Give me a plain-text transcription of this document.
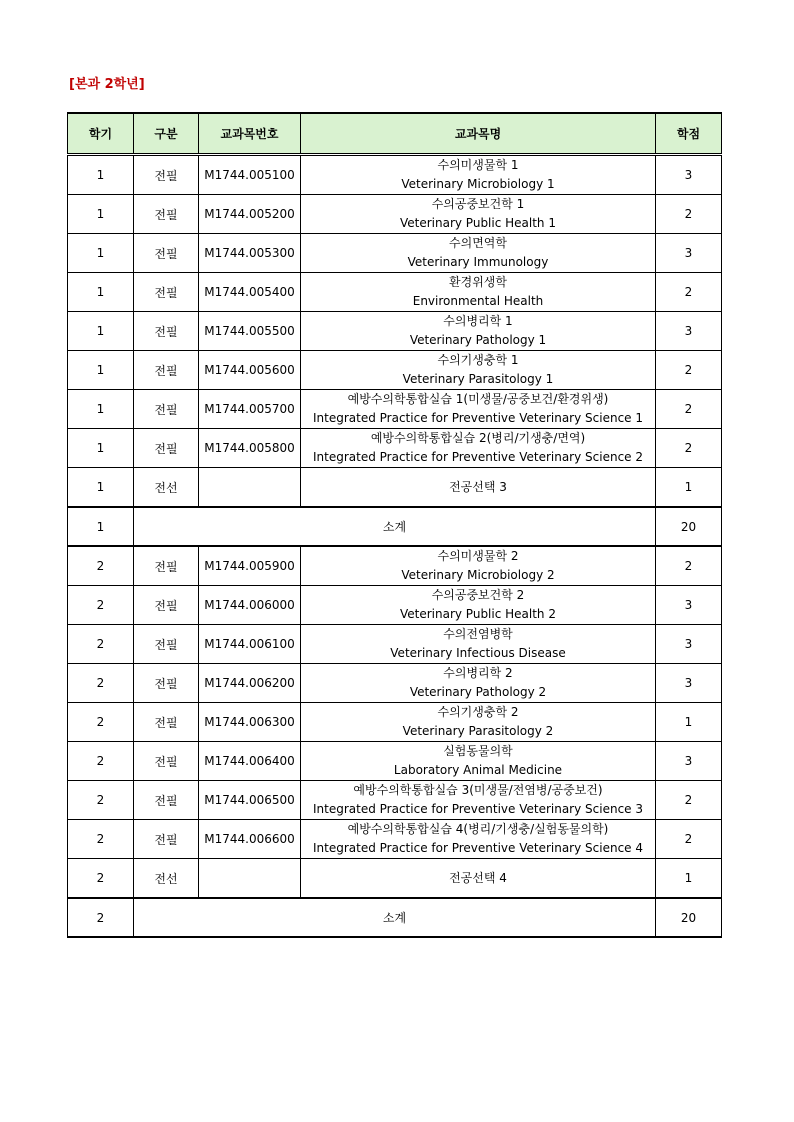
[본과 2학년]

학기	구분	교과목번호	교과목명	학점
1	전필	M1744.005100	수의미생물학 1
Veterinary Microbiology 1	3
1	전필	M1744.005200	수의공중보건학 1
Veterinary Public Health 1	2
1	전필	M1744.005300	수의면역학
Veterinary Immunology	3
1	전필	M1744.005400	환경위생학
Environmental Health	2
1	전필	M1744.005500	수의병리학 1
Veterinary Pathology 1	3
1	전필	M1744.005600	수의기생충학 1
Veterinary Parasitology 1	2
1	전필	M1744.005700	예방수의학통합실습 1(미생물/공중보건/환경위생)
Integrated Practice for Preventive Veterinary Science 1	2
1	전필	M1744.005800	예방수의학통합실습 2(병리/기생충/면역)
Integrated Practice for Preventive Veterinary Science 2	2
1	전선		전공선택 3	1
1	소계			20
2	전필	M1744.005900	수의미생물학 2
Veterinary Microbiology 2	2
2	전필	M1744.006000	수의공중보건학 2
Veterinary Public Health 2	3
2	전필	M1744.006100	수의전염병학
Veterinary Infectious Disease	3
2	전필	M1744.006200	수의병리학 2
Veterinary Pathology 2	3
2	전필	M1744.006300	수의기생충학 2
Veterinary Parasitology 2	1
2	전필	M1744.006400	실험동물의학
Laboratory Animal Medicine	3
2	전필	M1744.006500	예방수의학통합실습 3(미생물/전염병/공중보건)
Integrated Practice for Preventive Veterinary Science 3	2
2	전필	M1744.006600	예방수의학통합실습 4(병리/기생충/실험동물의학)
Integrated Practice for Preventive Veterinary Science 4	2
2	전선		전공선택 4	1
2	소계			20
